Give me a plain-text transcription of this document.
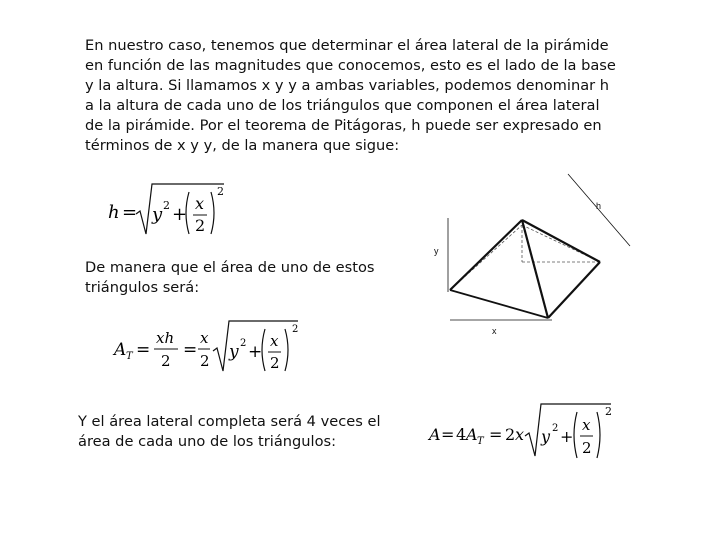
En nuestro caso, tenemos que determinar el área lateral de la pirámide
en función de las magnitudes que conocemos, esto es el lado de la base
y la altura. Si llamamos x y y a ambas variables, podemos denominar h
a la altura de cada uno de los triángulos que componen el área lateral
de la pirámide. Por el teorema de Pitágoras, h puede ser expresado en
términos de x y y, de la manera que sigue:
h = y 2 +
x
2
2
De manera que el área de uno de estos
triángulos será:
A T =
xh
2
=
x
2 y 2 +
x
2
2
Y el área lateral completa será 4 veces el
área de cada uno de los triángulos:	A = 4 A T = 2 x y 2 +
x
2
2
h
y
x
